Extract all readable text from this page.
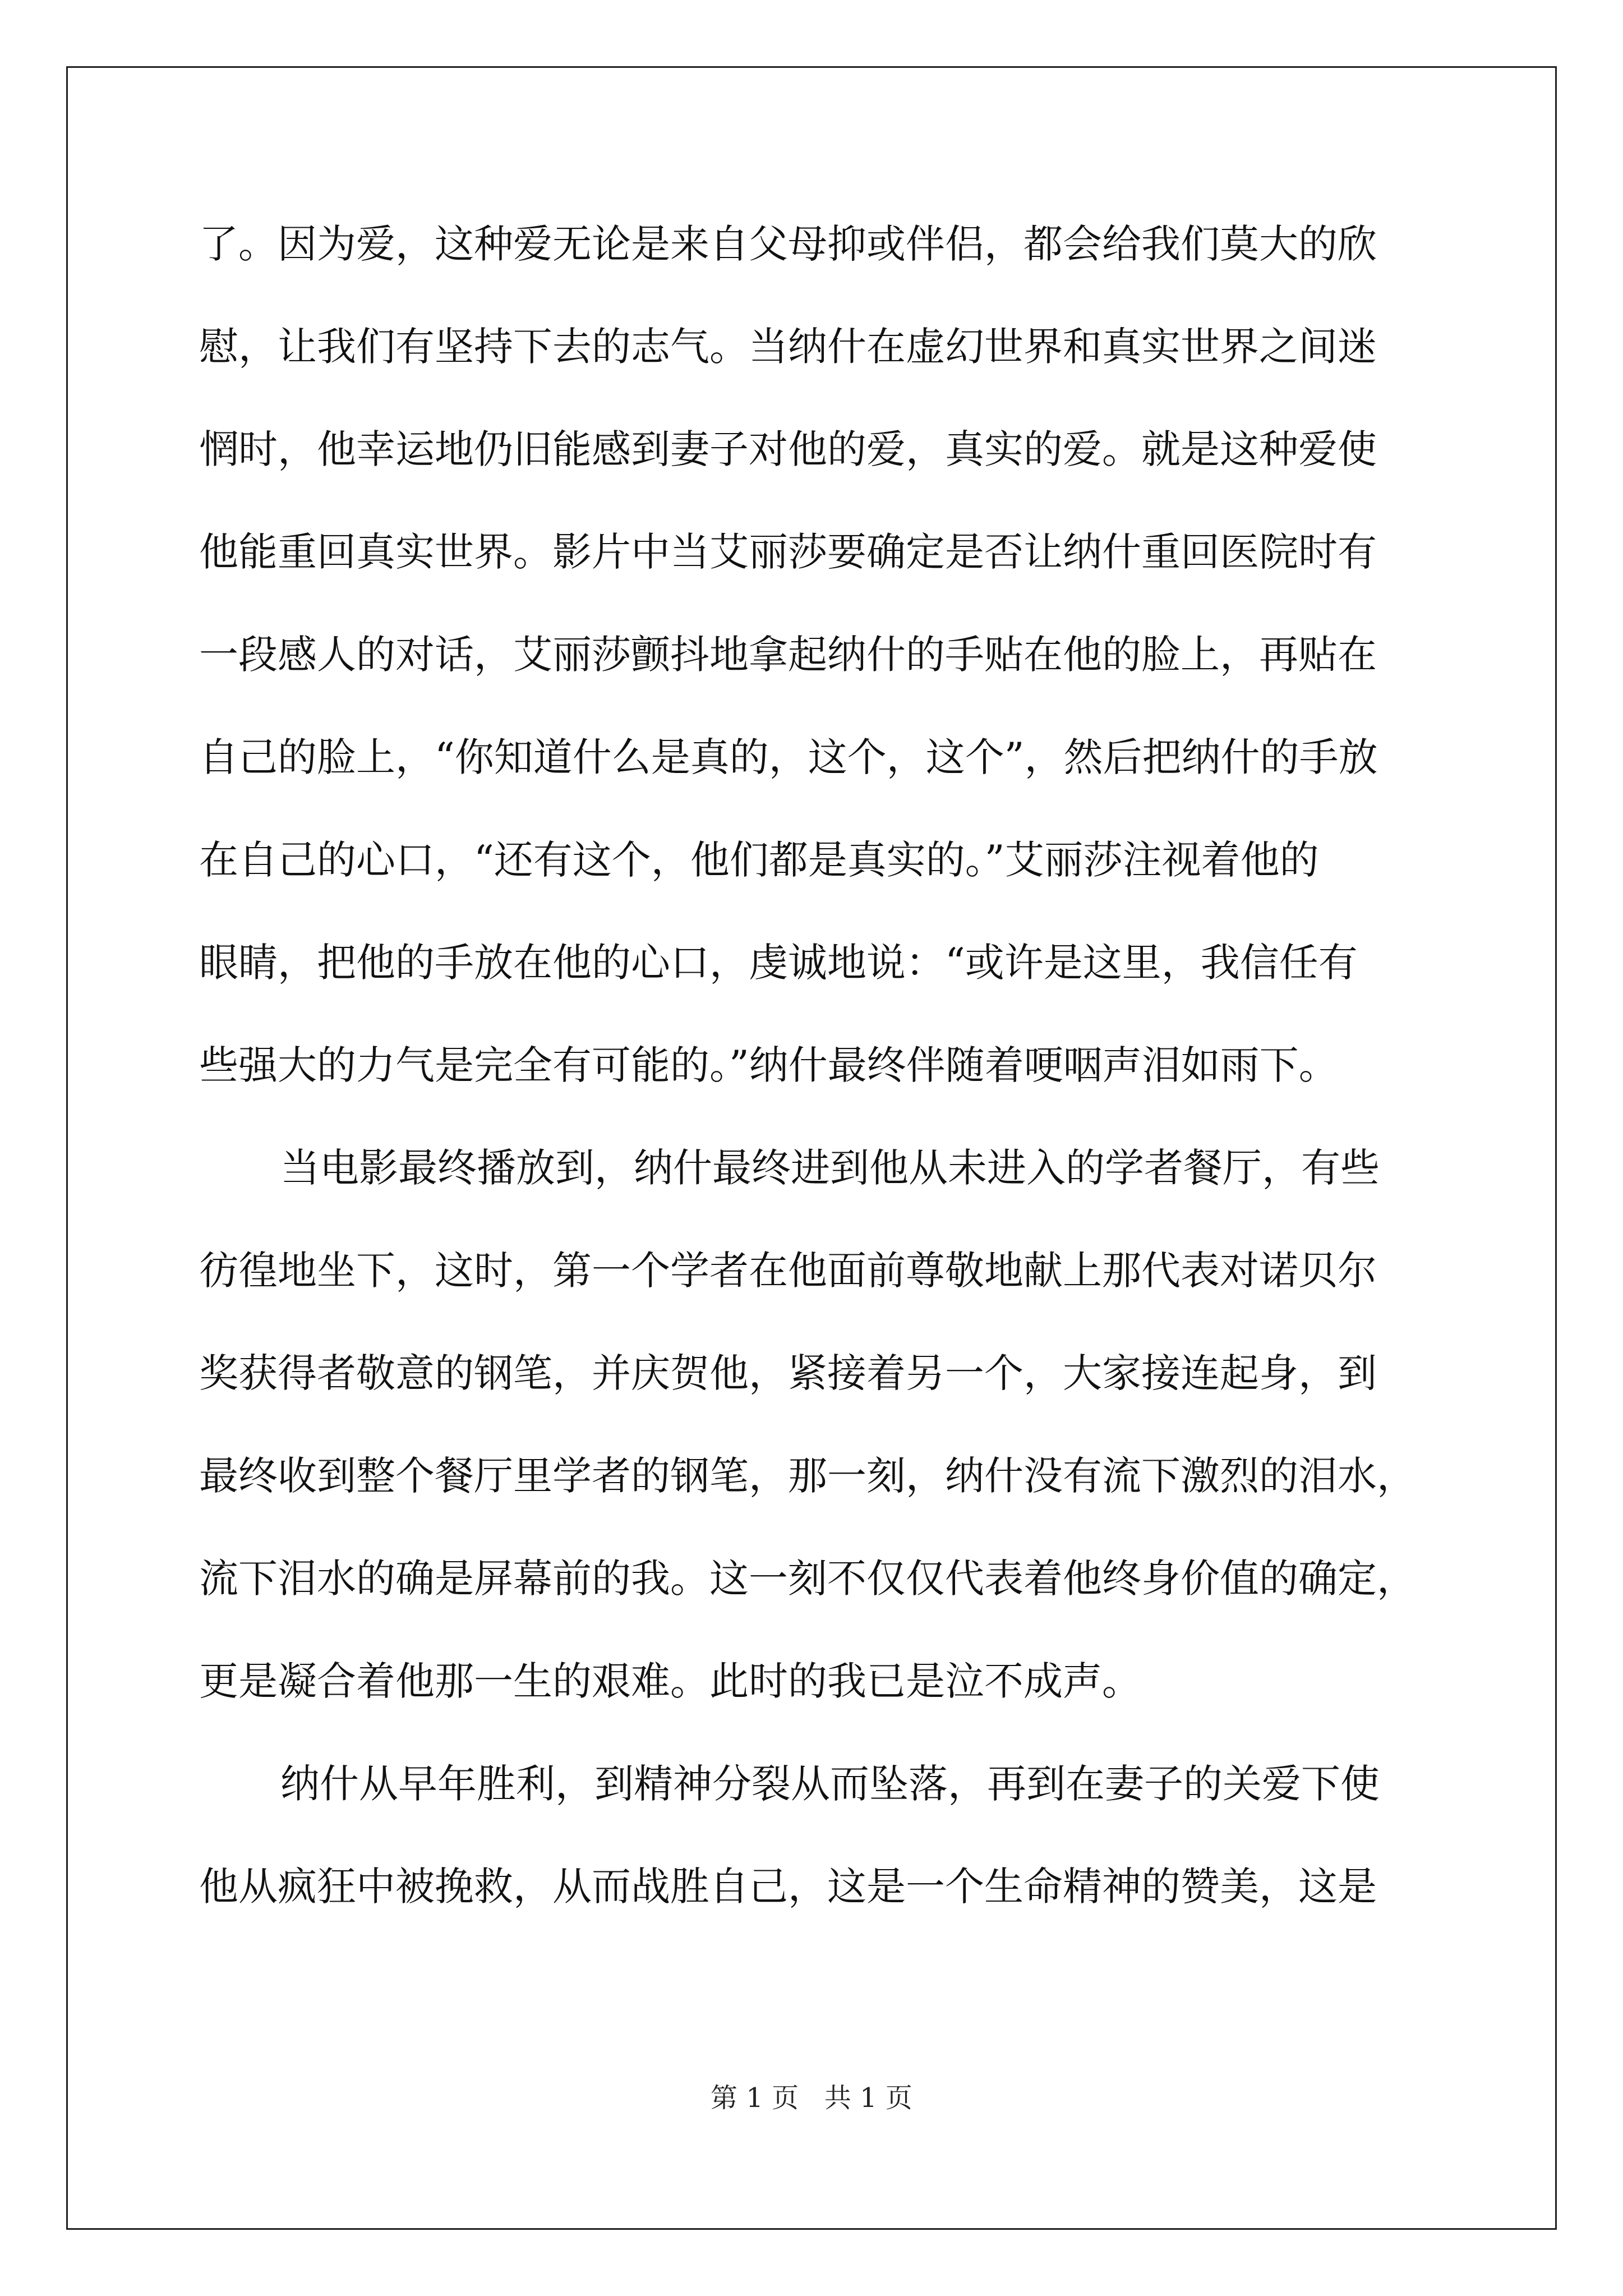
了。因为爱，这种爱无论是来自父母抑或伴侣，都会给我们莫大的欣
慰，让我们有坚持下去的志气。当纳什在虚幻世界和真实世界之间迷
惘时，他幸运地仍旧能感到妻子对他的爱，真实的爱。就是这种爱使
他能重回真实世界。影片中当艾丽莎要确定是否让纳什重回医院时有
一段感人的对话，艾丽莎颤抖地拿起纳什的手贴在他的脸上，再贴在
自己的脸上，“你知道什么是真的，这个，这个”，然后把纳什的手放
在自己的心口，“还有这个，他们都是真实的。”艾丽莎注视着他的
眼睛，把他的手放在他的心口，虔诚地说：“或许是这里，我信任有
些强大的力气是完全有可能的。”纳什最终伴随着哽咽声泪如雨下。
当电影最终播放到，纳什最终进到他从未进入的学者餐厅，有些
彷徨地坐下，这时，第一个学者在他面前尊敬地献上那代表对诺贝尔
奖获得者敬意的钢笔，并庆贺他，紧接着另一个，大家接连起身，到
最终收到整个餐厅里学者的钢笔，那一刻，纳什没有流下激烈的泪水，
流下泪水的确是屏幕前的我。这一刻不仅仅代表着他终身价值的确定，
更是凝合着他那一生的艰难。此时的我已是泣不成声。
纳什从早年胜利，到精神分裂从而坠落，再到在妻子的关爱下使
他从疯狂中被挽救，从而战胜自己，这是一个生命精神的赞美，这是
第 1 页   共 1 页
